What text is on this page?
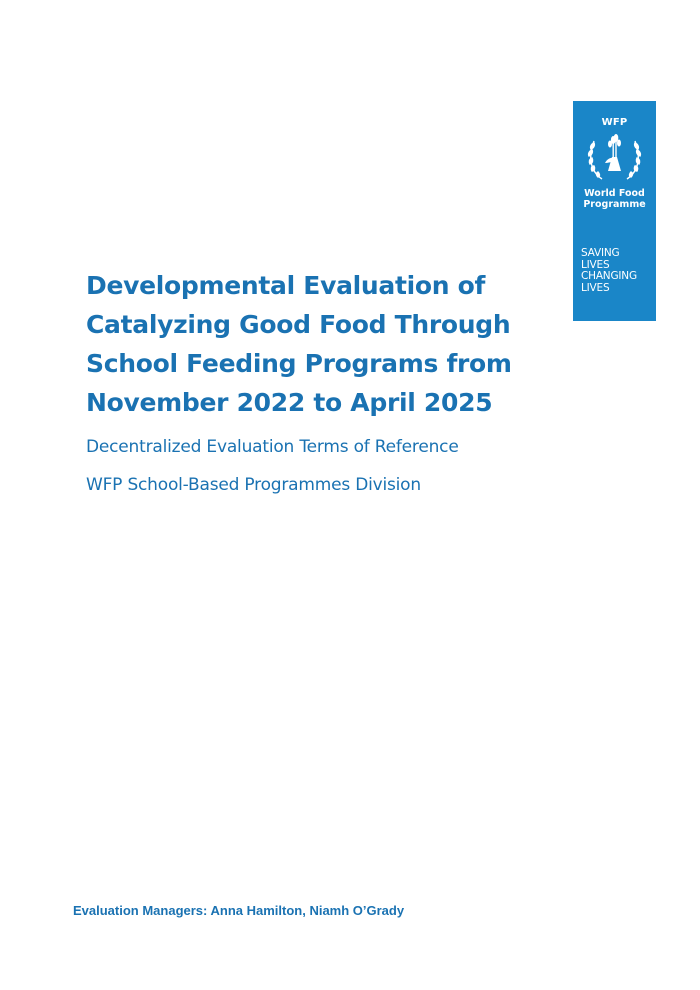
WFP
World Food
Programme
SAVING
LIVES
CHANGING
LIVES
Developmental Evaluation of
Catalyzing Good Food Through
School Feeding Programs from
November 2022 to April 2025

Decentralized Evaluation Terms of Reference

WFP School-Based Programmes Division

Evaluation Managers: Anna Hamilton, Niamh O’Grady
